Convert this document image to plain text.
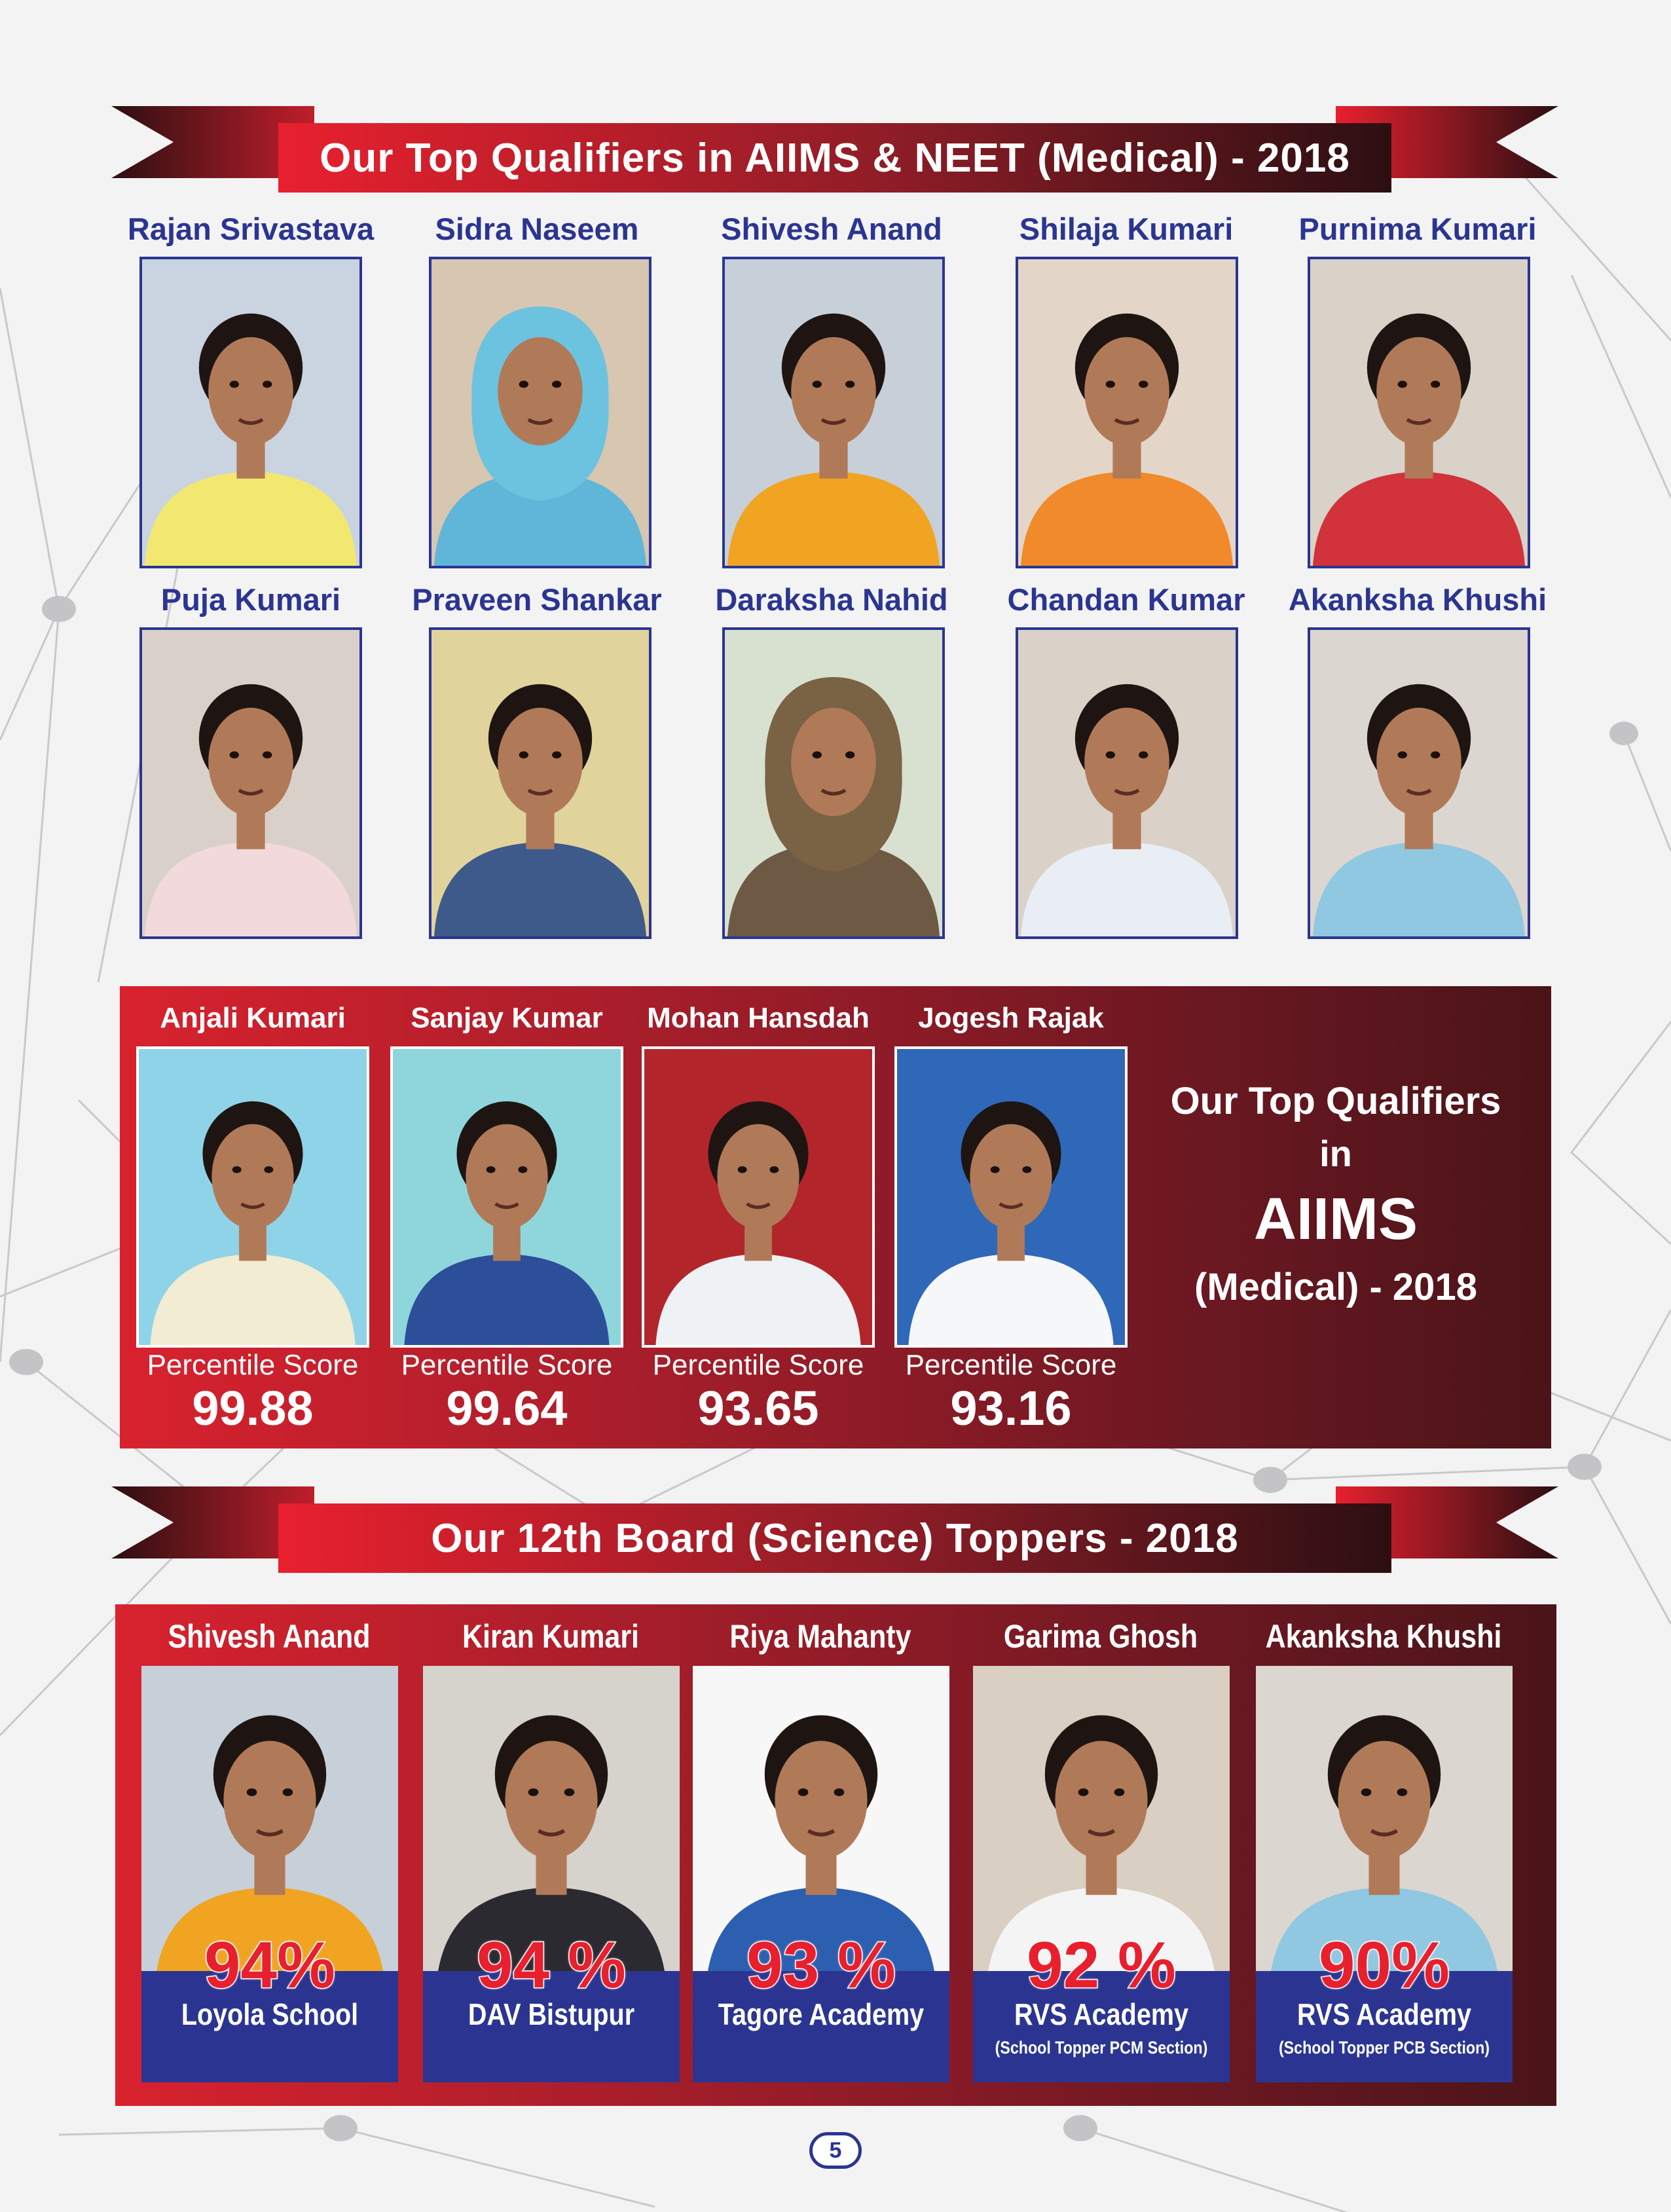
Our Top Qualifiers in AIIMS & NEET (Medical) - 2018
Rajan Srivastava	Sidra Naseem	Shivesh Anand	Shilaja Kumari	Purnima Kumari
Puja Kumari	Praveen Shankar	Daraksha Nahid	Chandan Kumar	Akanksha Khushi
Anjali Kumari
Percentile Score
99.88
Sanjay Kumar
Percentile Score
99.64
Mohan Hansdah
Percentile Score
93.65
Jogesh Rajak
Percentile Score
93.16
Our Top Qualifiers
in
AIIMS
(Medical) - 2018
Our 12th Board (Science) Toppers - 2018
Shivesh Anand
94%
Loyola School
Kiran Kumari
94 %
DAV Bistupur
Riya Mahanty
93 %
Tagore Academy
Garima Ghosh
92 %
RVS Academy
(School Topper PCM Section)
Akanksha Khushi
90%
RVS Academy
(School Topper PCB Section)
5
